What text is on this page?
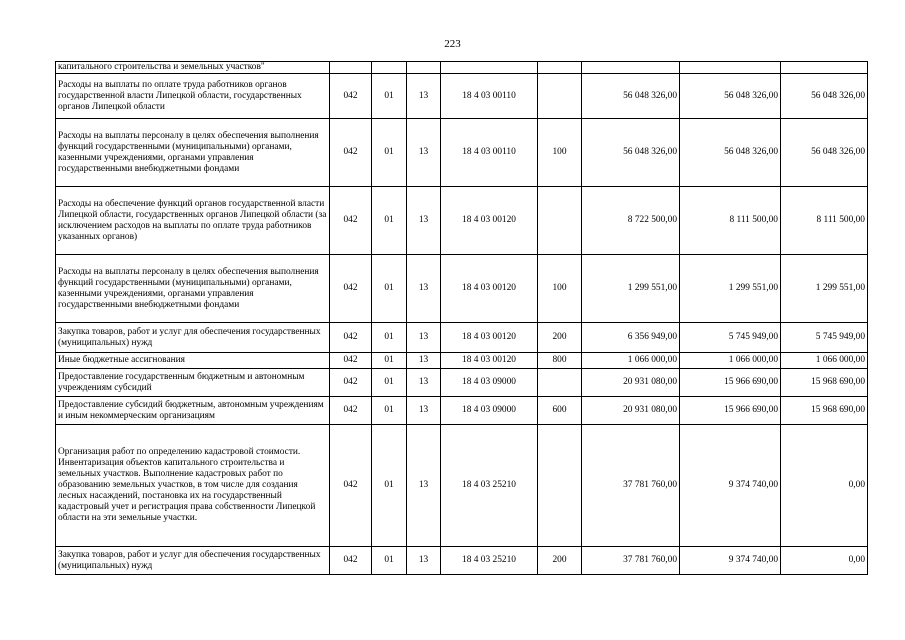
223
капитального строительства и земельных участков"								
Расходы на выплаты по оплате труда работников органов государственной власти Липецкой области, государственных органов Липецкой области	042	01	13	18 4 03 00110		56 048 326,00	56 048 326,00	56 048 326,00
Расходы на выплаты персоналу в целях обеспечения выполнения функций государственными (муниципальными) органами, казенными учреждениями, органами управления государственными внебюджетными фондами	042	01	13	18 4 03 00110	100	56 048 326,00	56 048 326,00	56 048 326,00
Расходы на обеспечение функций органов государственной власти Липецкой области, государственных органов Липецкой области (за исключением расходов на выплаты по оплате труда работников указанных органов)	042	01	13	18 4 03 00120		8 722 500,00	8 111 500,00	8 111 500,00
Расходы на выплаты персоналу в целях обеспечения выполнения функций государственными (муниципальными) органами, казенными учреждениями, органами управления государственными внебюджетными фондами	042	01	13	18 4 03 00120	100	1 299 551,00	1 299 551,00	1 299 551,00
Закупка товаров, работ и услуг для обеспечения государственных (муниципальных) нужд	042	01	13	18 4 03 00120	200	6 356 949,00	5 745 949,00	5 745 949,00
Иные бюджетные ассигнования	042	01	13	18 4 03 00120	800	1 066 000,00	1 066 000,00	1 066 000,00
Предоставление государственным бюджетным и автономным учреждениям субсидий	042	01	13	18 4 03 09000		20 931 080,00	15 966 690,00	15 968 690,00
Предоставление субсидий бюджетным, автономным учреждениям и иным некоммерческим организациям	042	01	13	18 4 03 09000	600	20 931 080,00	15 966 690,00	15 968 690,00
Организация работ по определению кадастровой стоимости. Инвентаризация объектов капитального строительства и земельных участков. Выполнение кадастровых работ по образованию земельных участков, в том числе для создания лесных насаждений, постановка их на государственный кадастровый учет и регистрация права собственности Липецкой области на эти земельные участки.	042	01	13	18 4 03 25210		37 781 760,00	9 374 740,00	0,00
Закупка товаров, работ и услуг для обеспечения государственных (муниципальных) нужд	042	01	13	18 4 03 25210	200	37 781 760,00	9 374 740,00	0,00
